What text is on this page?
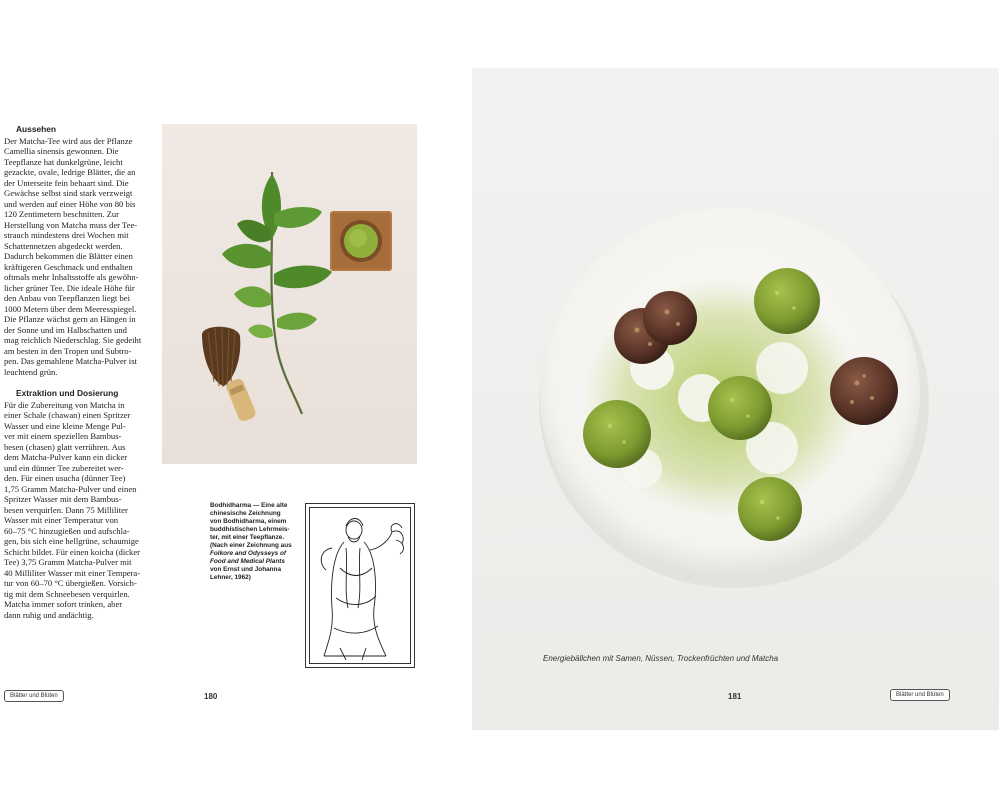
Aussehen
Der Matcha-Tee wird aus der Pflanze
Camellia sinensis gewonnen. Die
Teepflanze hat dunkelgrüne, leicht
gezackte, ovale, ledrige Blätter, die an
der Unterseite fein behaart sind. Die
Gewächse selbst sind stark verzweigt
und werden auf einer Höhe von 80 bis
120 Zentimetern beschnitten. Zur
Herstellung von Matcha muss der Tee-
strauch mindestens drei Wochen mit
Schattennetzen abgedeckt werden.
Dadurch bekommen die Blätter einen
kräftigeren Geschmack und enthalten
oftmals mehr Inhaltsstoffe als gewöhn-
licher grüner Tee. Die ideale Höhe für
den Anbau von Teepflanzen liegt bei
1000 Metern über dem Meeresspiegel.
Die Pflanze wächst gern an Hängen in
der Sonne und im Halbschatten und
mag reichlich Niederschlag. Sie gedeiht
am besten in den Tropen und Subtro-
pen. Das gemahlene Matcha-Pulver ist
leuchtend grün.
Extraktion und Dosierung
Für die Zubereitung von Matcha in
einer Schale (chawan) einen Spritzer
Wasser und eine kleine Menge Pul-
ver mit einem speziellen Bambus-
besen (chasen) glatt verrühren. Aus
dem Matcha-Pulver kann ein dicker
und ein dünner Tee zubereitet wer-
den. Für einen usucha (dünner Tee)
1,75 Gramm Matcha-Pulver und einen
Spritzer Wasser mit dem Bambus-
besen verquirlen. Dann 75 Milliliter
Wasser mit einer Temperatur von
60–75 °C hinzugießen und aufschla-
gen, bis sich eine hellgrüne, schaumige
Schicht bildet. Für einen koicha (dicker
Tee) 3,75 Gramm Matcha-Pulver mit
40 Milliliter Wasser mit einer Tempera-
tur von 60–70 °C übergießen. Vorsich-
tig mit dem Schneebesen verquirlen.
Matcha immer sofort trinken, aber
dann ruhig und andächtig.
Bodhidharma — Eine alte
chinesische Zeichnung
von Bodhidharma, einem
buddhistischen Lehrmeis-
ter, mit einer Teepflanze.
(Nach einer Zeichnung aus
Folkore and Odysseys of
Food and Medical Plants
von Ernst und Johanna
Lehner, 1962)
Blätter und Blüten	180
Energiebällchen mit Samen, Nüssen, Trockenfrüchten und Matcha
181	Blätter und Blüten
